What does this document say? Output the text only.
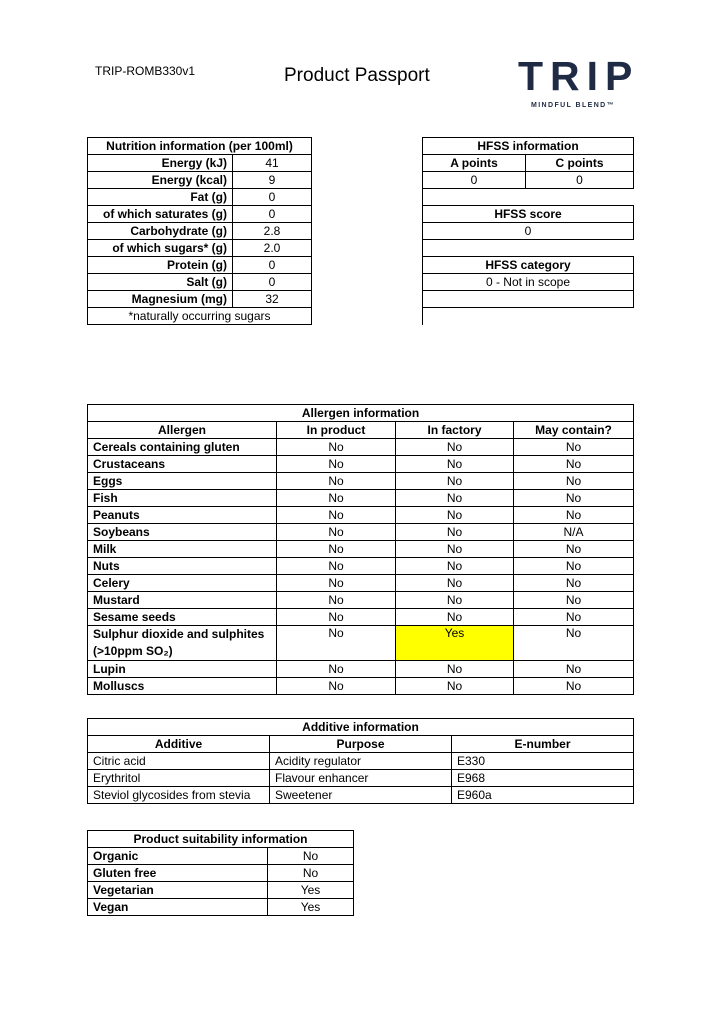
TRIP-ROMB330v1	Product Passport TRIP
MINDFUL BLEND™
Nutrition information (per 100ml)	
Energy (kJ)	41
Energy (kcal)	9
Fat (g)	0
of which saturates (g)	0
Carbohydrate (g)	2.8
of which sugars* (g)	2.0
Protein (g)	0
Salt (g)	0
Magnesium (mg)	32
*naturally occurring sugars	
HFSS information	
A points	C points
0	0

HFSS score	
0	

HFSS category	
0 - Not in scope	

Allergen information			
Allergen	In product	In factory	May contain?
Cereals containing gluten	No	No	No
Crustaceans	No	No	No
Eggs	No	No	No
Fish	No	No	No
Peanuts	No	No	No
Soybeans	No	No	N/A
Milk	No	No	No
Nuts	No	No	No
Celery	No	No	No
Mustard	No	No	No
Sesame seeds	No	No	No
Sulphur dioxide and sulphites
(>10ppm SO₂)	No	Yes	No
Lupin	No	No	No
Molluscs	No	No	No
Additive information		
Additive	Purpose	E-number
Citric acid	Acidity regulator	E330
Erythritol	Flavour enhancer	E968
Steviol glycosides from stevia	Sweetener	E960a
Product suitability information	
Organic	No
Gluten free	No
Vegetarian	Yes
Vegan	Yes
